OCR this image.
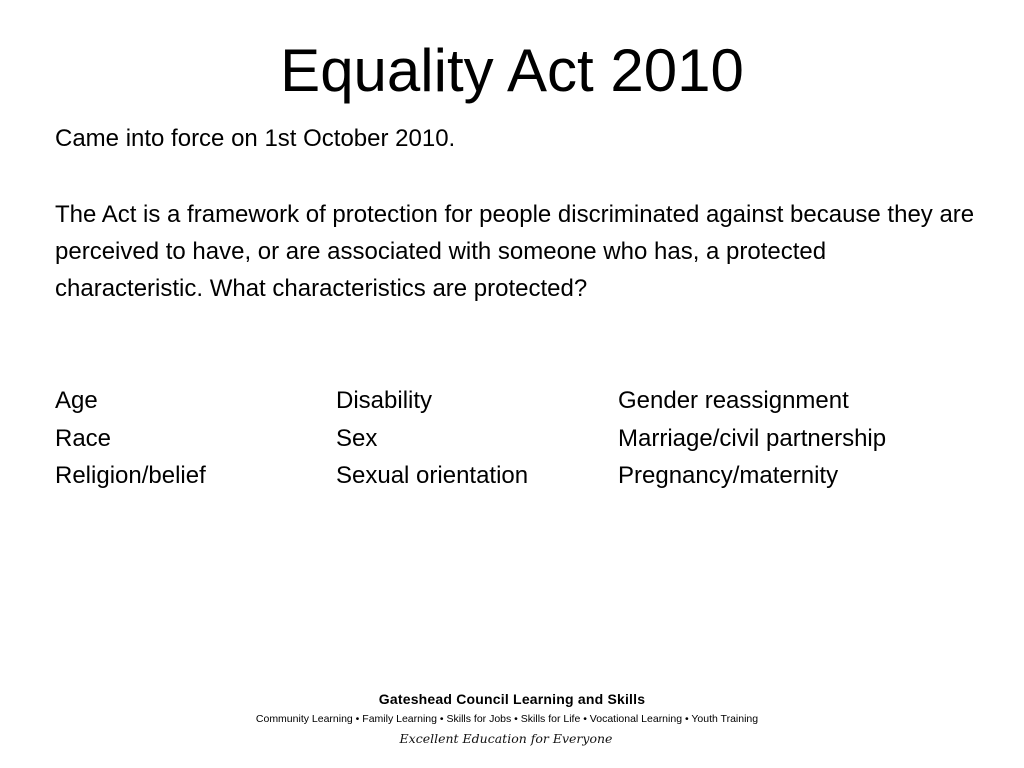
Equality Act 2010

Came into force on 1st October 2010.

The Act is a framework of protection for people discriminated against because they are perceived to have, or are associated with someone who has, a protected characteristic. What characteristics are protected?

Age	Disability	Gender reassignment
Race	Sex	Marriage/civil partnership
Religion/belief	Sexual orientation	Pregnancy/maternity
Gateshead Council Learning and Skills
Community Learning • Family Learning • Skills for Jobs • Skills for Life • Vocational Learning • Youth Training
Excellent Education for Everyone
